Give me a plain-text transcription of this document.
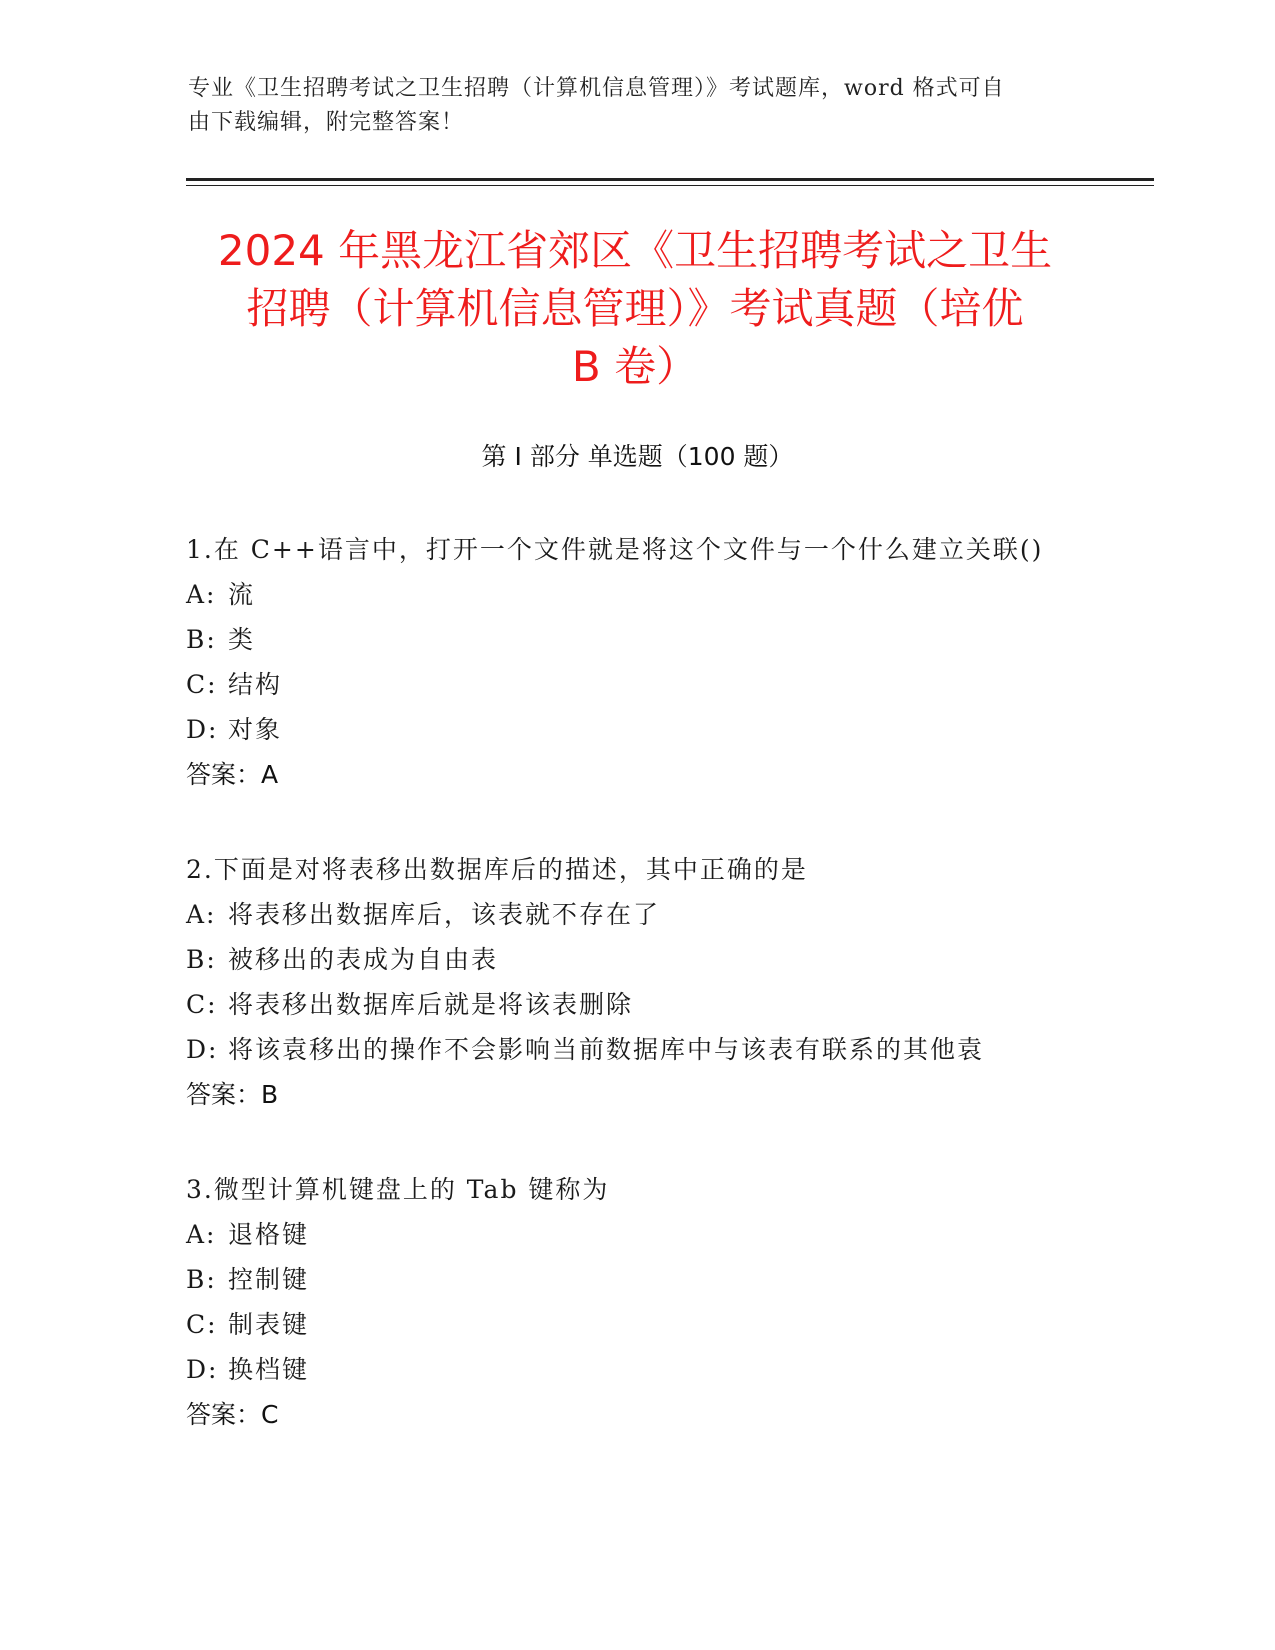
专业《卫生招聘考试之卫生招聘（计算机信息管理）》考试题库，word 格式可自
由下载编辑，附完整答案！
2024 年黑龙江省郊区《卫生招聘考试之卫生
招聘（计算机信息管理）》考试真题（培优
B 卷）
第 I 部分 单选题（100 题）
1.在 C++语言中，打开一个文件就是将这个文件与一个什么建立关联()
A: 流
B: 类
C: 结构
D: 对象
答案：A
2.下面是对将表移出数据库后的描述，其中正确的是
A: 将表移出数据库后，该表就不存在了
B: 被移出的表成为自由表
C: 将表移出数据库后就是将该表删除
D: 将该袁移出的操作不会影响当前数据库中与该表有联系的其他袁
答案：B
3.微型计算机键盘上的 Tab 键称为
A: 退格键
B: 控制键
C: 制表键
D: 换档键
答案：C
